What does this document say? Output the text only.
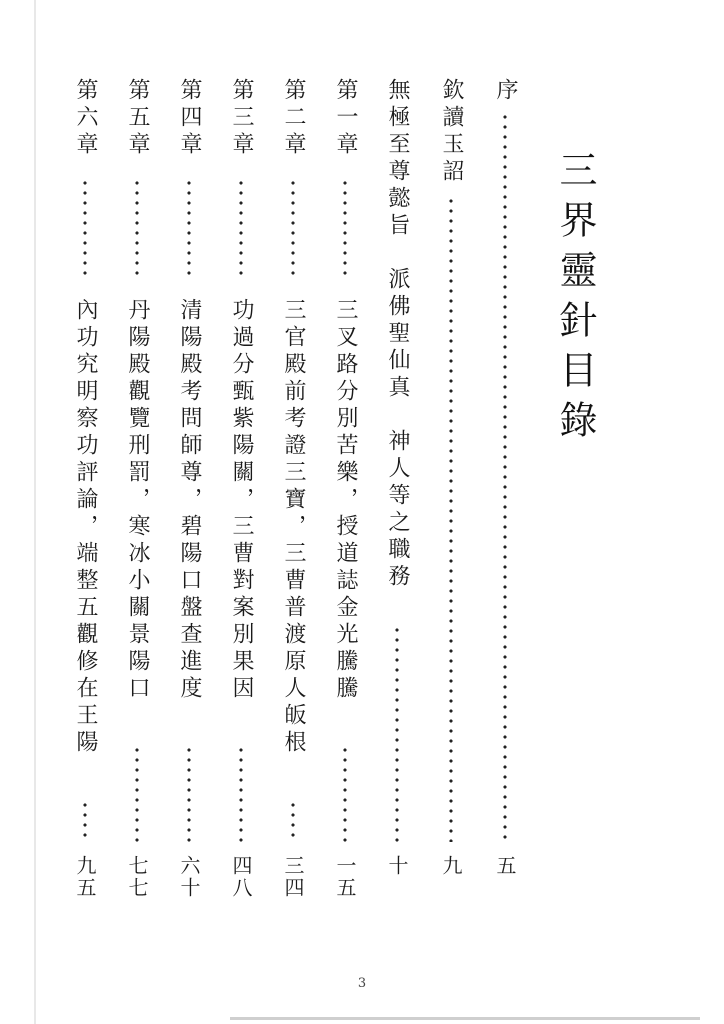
三界靈針目錄
序
五
欽讀玉詔
九
無極至尊懿旨　派佛聖仙真　神人等之職務
十
第一章
三叉路分別苦樂，授道誌金光騰騰
一五
第二章
三官殿前考證三寶，三曹普渡原人皈根
三四
第三章
功過分甄紫陽關，三曹對案別果因
四八
第四章
清陽殿考問師尊，碧陽口盤查進度
六十
第五章
丹陽殿觀覽刑罰，寒冰小關景陽口
七七
第六章
內功究明察功評論，端整五觀修在王陽
九五
3
